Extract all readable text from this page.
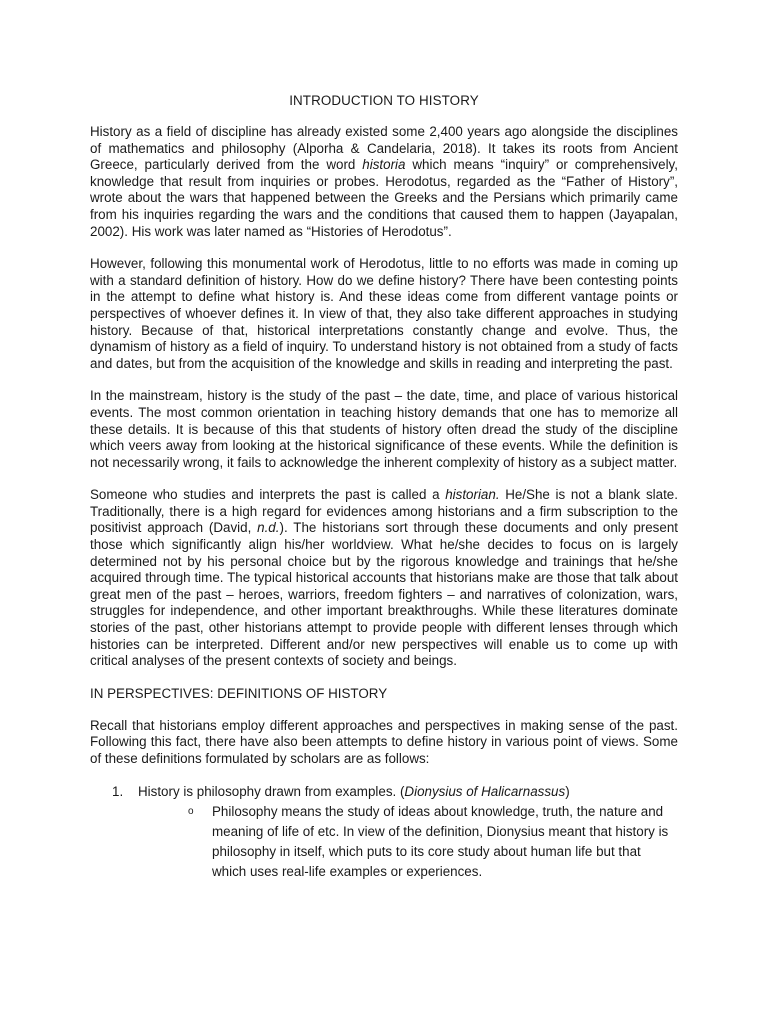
INTRODUCTION TO HISTORY

History as a field of discipline has already existed some 2,400 years ago alongside the disciplines of mathematics and philosophy (Alporha & Candelaria, 2018). It takes its roots from Ancient Greece, particularly derived from the word historia which means “inquiry” or comprehensively, knowledge that result from inquiries or probes. Herodotus, regarded as the “Father of History”, wrote about the wars that happened between the Greeks and the Persians which primarily came from his inquiries regarding the wars and the conditions that caused them to happen (Jayapalan, 2002). His work was later named as “Histories of Herodotus”.

However, following this monumental work of Herodotus, little to no efforts was made in coming up with a standard definition of history. How do we define history? There have been contesting points in the attempt to define what history is. And these ideas come from different vantage points or perspectives of whoever defines it. In view of that, they also take different approaches in studying history. Because of that, historical interpretations constantly change and evolve. Thus, the dynamism of history as a field of inquiry. To understand history is not obtained from a study of facts and dates, but from the acquisition of the knowledge and skills in reading and interpreting the past.

In the mainstream, history is the study of the past – the date, time, and place of various historical events. The most common orientation in teaching history demands that one has to memorize all these details. It is because of this that students of history often dread the study of the discipline which veers away from looking at the historical significance of these events. While the definition is not necessarily wrong, it fails to acknowledge the inherent complexity of history as a subject matter.

Someone who studies and interprets the past is called a historian. He/She is not a blank slate. Traditionally, there is a high regard for evidences among historians and a firm subscription to the positivist approach (David, n.d.). The historians sort through these documents and only present those which significantly align his/her worldview. What he/she decides to focus on is largely determined not by his personal choice but by the rigorous knowledge and trainings that he/she acquired through time. The typical historical accounts that historians make are those that talk about great men of the past – heroes, warriors, freedom fighters – and narratives of colonization, wars, struggles for independence, and other important breakthroughs. While these literatures dominate stories of the past, other historians attempt to provide people with different lenses through which histories can be interpreted. Different and/or new perspectives will enable us to come up with critical analyses of the present contexts of society and beings.

IN PERSPECTIVES: DEFINITIONS OF HISTORY

Recall that historians employ different approaches and perspectives in making sense of the past. Following this fact, there have also been attempts to define history in various point of views. Some of these definitions formulated by scholars are as follows:

1. History is philosophy drawn from examples. (Dionysius of Halicarnassus)
o Philosophy means the study of ideas about knowledge, truth, the nature and meaning of life of etc. In view of the definition, Dionysius meant that history is philosophy in itself, which puts to its core study about human life but that which uses real-life examples or experiences.
